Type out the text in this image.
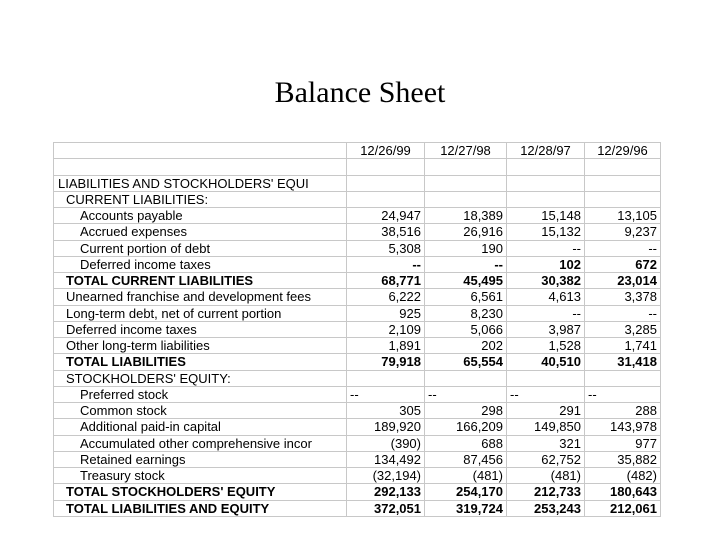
Balance Sheet
	12/26/99	12/27/98	12/28/97	12/29/96

LIABILITIES AND STOCKHOLDERS' EQUI				
CURRENT LIABILITIES:				
Accounts payable	24,947	18,389	15,148	13,105
Accrued expenses	38,516	26,916	15,132	9,237
Current portion of debt	5,308	190	--	--
Deferred income taxes	--	--	102	672
TOTAL CURRENT LIABILITIES	68,771	45,495	30,382	23,014
Unearned franchise and development fees	6,222	6,561	4,613	3,378
Long-term debt, net of current portion	925	8,230	--	--
Deferred income taxes	2,109	5,066	3,987	3,285
Other long-term liabilities	1,891	202	1,528	1,741
TOTAL LIABILITIES	79,918	65,554	40,510	31,418
STOCKHOLDERS' EQUITY:				
Preferred stock	--	--	--	--
Common stock	305	298	291	288
Additional paid-in capital	189,920	166,209	149,850	143,978
Accumulated other comprehensive incor	(390)	688	321	977
Retained earnings	134,492	87,456	62,752	35,882
Treasury stock	(32,194)	(481)	(481)	(482)
TOTAL STOCKHOLDERS' EQUITY	292,133	254,170	212,733	180,643
TOTAL LIABILITIES AND EQUITY	372,051	319,724	253,243	212,061
